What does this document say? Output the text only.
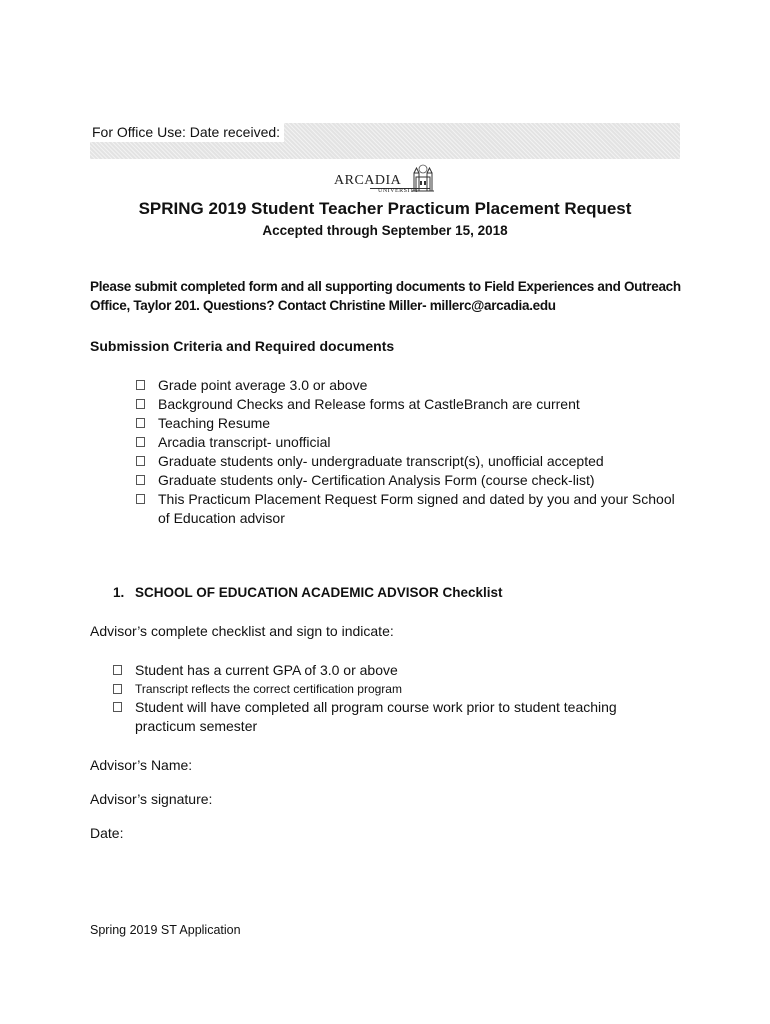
For Office Use: Date received:
ARCADIA
UNIVERSITY
SPRING 2019 Student Teacher Practicum Placement Request
Accepted through September 15, 2018

Please submit completed form and all supporting documents to Field Experiences and Outreach Office, Taylor 201. Questions? Contact Christine Miller- millerc@arcadia.edu

Submission Criteria and Required documents
Grade point average 3.0 or above
Background Checks and Release forms at CastleBranch are current
Teaching Resume
Arcadia transcript- unofficial
Graduate students only- undergraduate transcript(s), unofficial accepted
Graduate students only- Certification Analysis Form (course check-list)
This Practicum Placement Request Form signed and dated by you and your School of Education advisor
1. SCHOOL OF EDUCATION ACADEMIC ADVISOR Checklist

Advisor’s complete checklist and sign to indicate:

Student has a current GPA of 3.0 or above
Transcript reflects the correct certification program
Student will have completed all program course work prior to student teaching practicum semester

Advisor’s Name:

Advisor’s signature:

Date:

Spring 2019 ST Application
